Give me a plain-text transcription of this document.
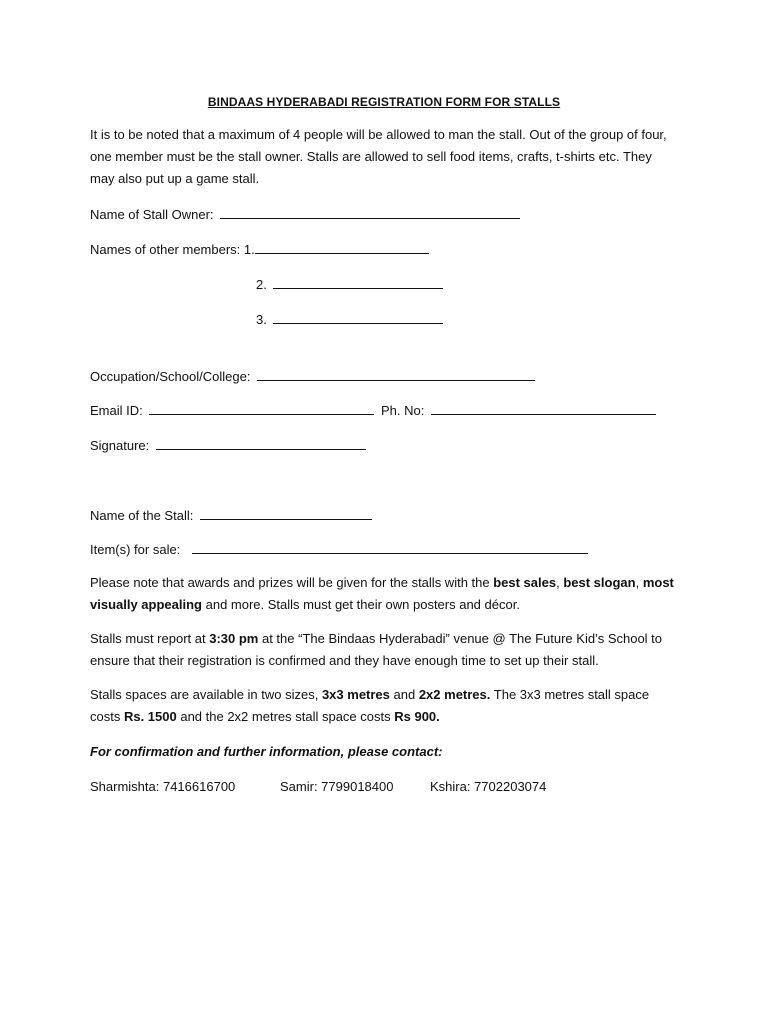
BINDAAS HYDERABADI REGISTRATION FORM FOR STALLS
It is to be noted that a maximum of 4 people will be allowed to man the stall. Out of the group of four, one member must be the stall owner. Stalls are allowed to sell food items, crafts, t-shirts etc. They may also put up a game stall.
Name of Stall Owner:
Names of other members: 1.
2.
3.
Occupation/School/College:
Email ID:	Ph. No:
Signature:
Name of the Stall:
Item(s) for sale:
Please note that awards and prizes will be given for the stalls with the best sales, best slogan, most visually appealing and more. Stalls must get their own posters and décor.
Stalls must report at 3:30 pm at the “The Bindaas Hyderabadi” venue @ The Future Kid’s School to ensure that their registration is confirmed and they have enough time to set up their stall.
Stalls spaces are available in two sizes, 3x3 metres and 2x2 metres. The 3x3 metres stall space costs Rs. 1500 and the 2x2 metres stall space costs Rs 900.
For confirmation and further information, please contact:
Sharmishta: 7416616700	Samir: 7799018400	Kshira: 7702203074
